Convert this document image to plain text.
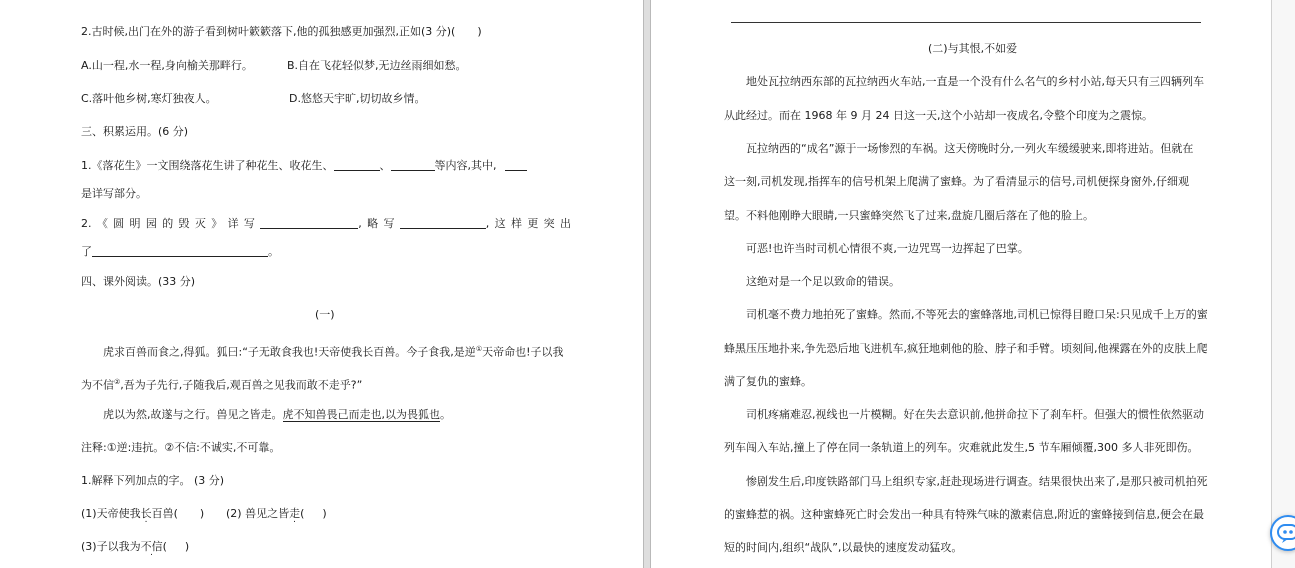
2.古时候,出门在外的游子看到树叶簌簌落下,他的孤独感更加强烈,正如(3 分)( )
A.山一程,水一程,身向榆关那畔行。	B.自在飞花轻似梦,无边丝雨细如愁。
C.落叶他乡树,寒灯独夜人。	D.悠悠天宇旷,切切故乡情。
三、积累运用。(6 分)
1.《落花生》一文围绕落花生讲了种花生、收花生、	、	等内容,其中,
是详写部分。
2.《圆明园的毁灭》详写	,略写	,这样更突出
了	。
四、课外阅读。(33 分)
(一)
虎求百兽而食之,得狐。狐曰:“子无敢食我也!天帝使我长百兽。今子食我,是逆①天帝命也!子以我
为不信②,吾为子先行,子随我后,观百兽之见我而敢不走乎?”
虎以为然,故遂与之行。兽见之皆走。虎不知兽畏己而走也,以为畏狐也。
注释:①逆:违抗。②不信:不诚实,不可靠。
1.解释下列加点的字。 (3 分)
(1)天帝使我长百兽( ) (2) 兽见之皆走( )
(3)子以我为不信( )
(二)与其恨,不如爱
地处瓦拉纳西东部的瓦拉纳西火车站,一直是一个没有什么名气的乡村小站,每天只有三四辆列车
从此经过。而在 1968 年 9 月 24 日这一天,这个小站却一夜成名,令整个印度为之震惊。
瓦拉纳西的“成名”源于一场惨烈的车祸。这天傍晚时分,一列火车缓缓驶来,即将进站。但就在
这一刻,司机发现,指挥车的信号机架上爬满了蜜蜂。为了看清显示的信号,司机便探身窗外,仔细观
望。不料他刚睁大眼睛,一只蜜蜂突然飞了过来,盘旋几圈后落在了他的脸上。
可恶!也许当时司机心情很不爽,一边咒骂一边挥起了巴掌。
这绝对是一个足以致命的错误。
司机毫不费力地拍死了蜜蜂。然而,不等死去的蜜蜂落地,司机已惊得目瞪口呆:只见成千上万的蜜
蜂黑压压地扑来,争先恐后地飞进机车,疯狂地刺他的脸、脖子和手臂。顷刻间,他裸露在外的皮肤上爬
满了复仇的蜜蜂。
司机疼痛难忍,视线也一片模糊。好在失去意识前,他拼命拉下了刹车杆。但强大的惯性依然驱动
列车闯入车站,撞上了停在同一条轨道上的列车。灾难就此发生,5 节车厢倾覆,300 多人非死即伤。
惨剧发生后,印度铁路部门马上组织专家,赶赴现场进行调查。结果很快出来了,是那只被司机拍死
的蜜蜂惹的祸。这种蜜蜂死亡时会发出一种具有特殊气味的激素信息,附近的蜜蜂接到信息,便会在最
短的时间内,组织“战队”,以最快的速度发动猛攻。
